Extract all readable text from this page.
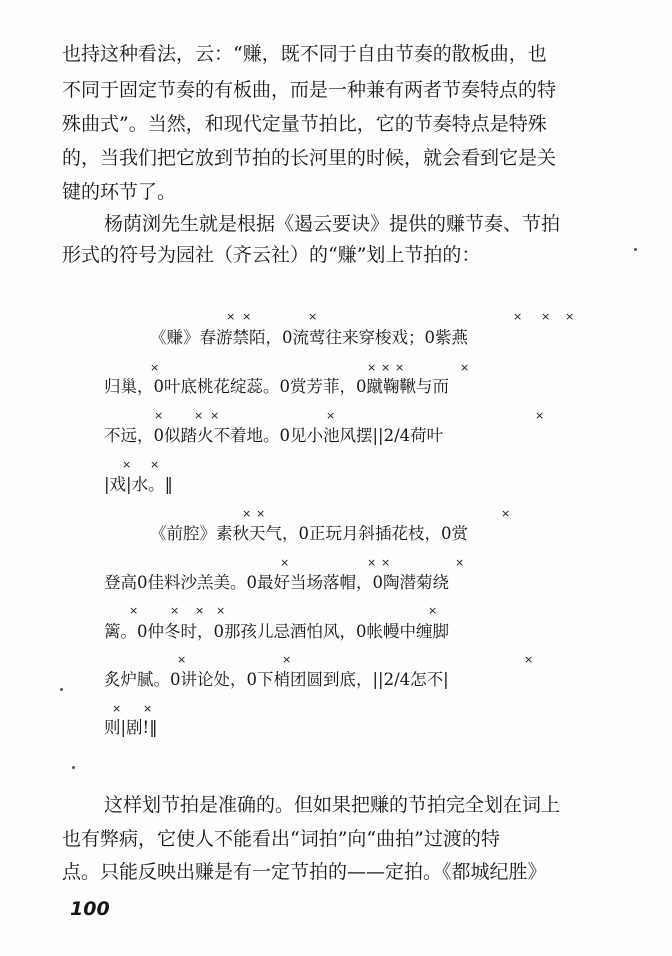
也持这种看法，云：“赚，既不同于自由节奏的散板曲，也
不同于固定节奏的有板曲，而是一种兼有两者节奏特点的特
殊曲式”。当然，和现代定量节拍比，它的节奏特点是特殊
的，当我们把它放到节拍的长河里的时候，就会看到它是关
键的环节了。
杨荫浏先生就是根据《遏云要诀》提供的赚节奏、节拍
形式的符号为园社（齐云社）的“赚”划上节拍的：
× ×	×	× × ×
《赚》春游禁陌，0流莺往来穿梭戏；0紫燕
×	× × ×	×
归巢，0叶底桃花绽蕊。0赏芳菲，0蹴鞠鞦与而
×	× ×	×	×
不远，0似踏火不着地。0见小池风摆||2/4荷叶
× ×
|戏|水。‖
× ×	×
《前腔》素秋天气，0正玩月斜插花枝，0赏
×	× ×	×
登高0佳料沙羔美。0最好当场落帽，0陶潜菊绕
×	× × ×	×
篱。0仲冬时，0那孩儿忌酒怕风，0帐幔中缠脚
×	×	×
炙炉腻。0讲论处，0下梢团圆到底，||2/4怎不|
× ×
则|剧!‖
这样划节拍是准确的。但如果把赚的节拍完全划在词上
也有弊病，它使人不能看出“词拍”向“曲拍”过渡的特
点。只能反映出赚是有一定节拍的——定拍。《都城纪胜》
100
